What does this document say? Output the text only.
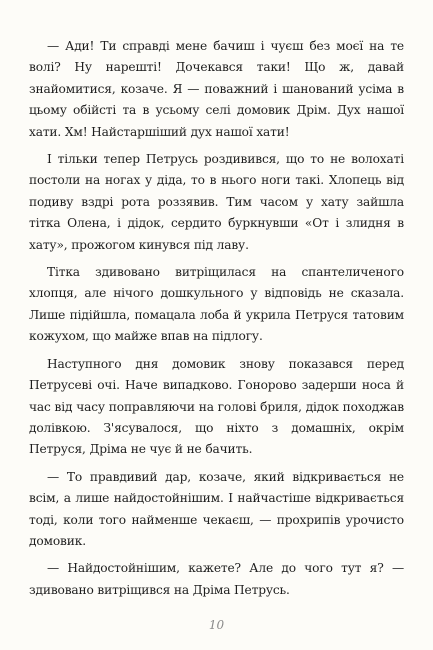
— Ади! Ти справді мене бачиш і чуєш без моєї на те волі? Ну нарешті! Дочекався таки! Що ж, давай знайомитися, козаче. Я — поважний і шанований усіма в цьому обійсті та в усьому селі домовик Дрім. Дух нашої хати. Хм! Найстаршіший дух нашої хати!

І тільки тепер Петрусь роздивився, що то не волохаті постоли на ногах у діда, то в нього ноги такі. Хлопець від подиву вздрі рота роззявив. Тим часом у хату зайшла тітка Олена, і дідок, сердито буркнувши «От і злидня в хату», прожогом кинувся під лаву.

Тітка здивовано витріщилася на спантеличеного хлопця, але нічого дошкульного у відповідь не сказала. Лише підійшла, помацала лоба й укрила Петруся татовим кожухом, що майже впав на підлогу.

Наступного дня домовик знову показався перед Петрусеві очі. Наче випадково. Гонорово задерши носа й час від часу поправляючи на голові бриля, дідок походжав долівкою. З'ясувалося, що ніхто з домашніх, окрім Петруся, Дріма не чує й не бачить.

— То правдивий дар, козаче, який відкривається не всім, а лише найдостойнішим. І найчастіше відкривається тоді, коли того найменше чекаєш, — прохрипів урочисто домовик.

— Найдостойнішим, кажете? Але до чого тут я? — здивовано витріщився на Дріма Петрусь.

10
